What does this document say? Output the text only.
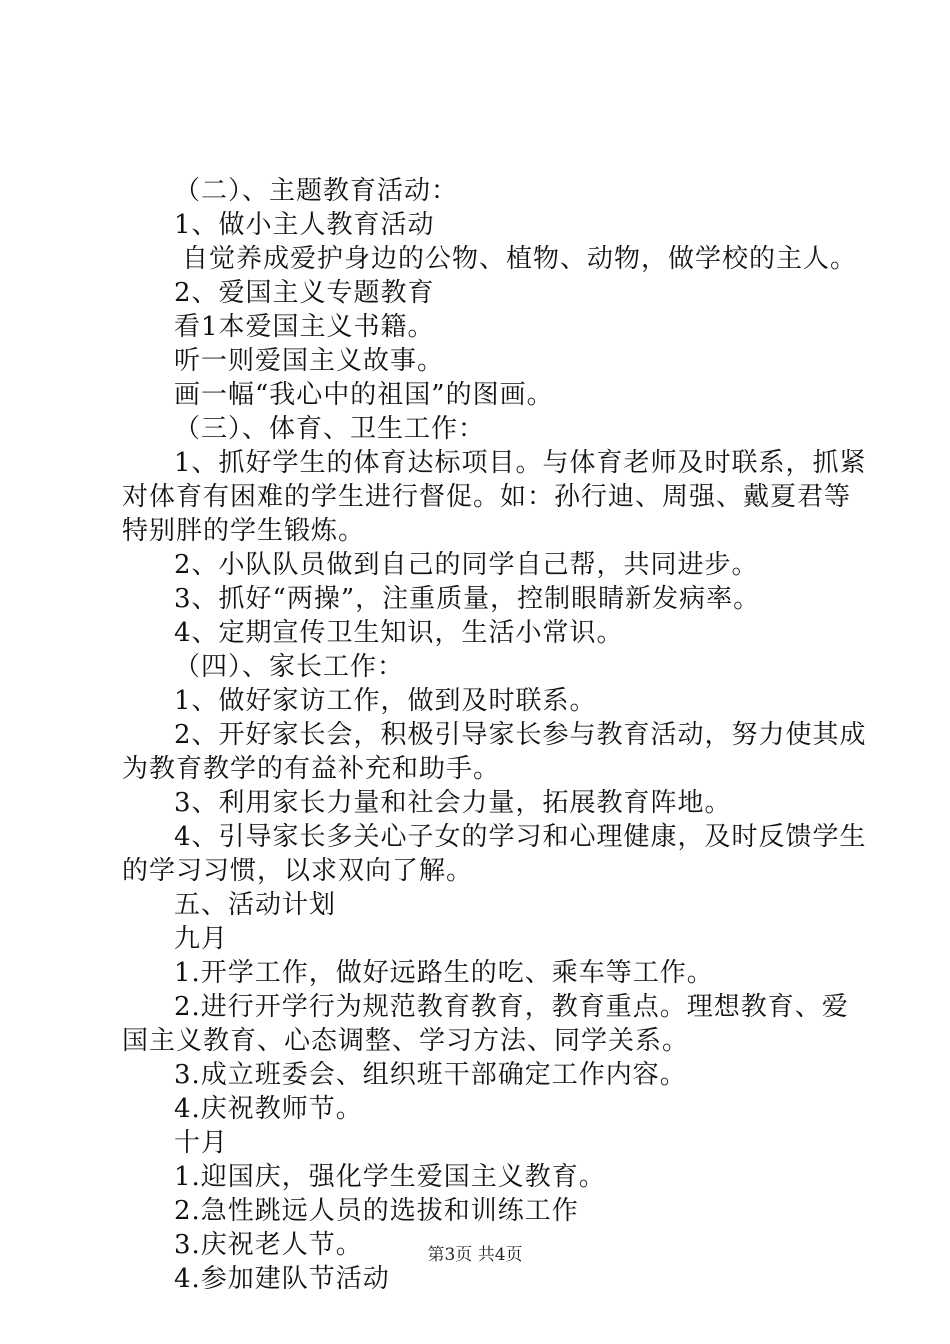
（二）、主题教育活动：
1、做小主人教育活动
自觉养成爱护身边的公物、植物、动物，做学校的主人。
2、爱国主义专题教育
看1本爱国主义书籍。
听一则爱国主义故事。
画一幅“我心中的祖国”的图画。
（三）、体育、卫生工作：
1、抓好学生的体育达标项目。与体育老师及时联系，抓紧
对体育有困难的学生进行督促。如：孙行迪、周强、戴夏君等
特别胖的学生锻炼。
2、小队队员做到自己的同学自己帮，共同进步。
3、抓好“两操”，注重质量，控制眼睛新发病率。
4、定期宣传卫生知识，生活小常识。
（四）、家长工作：
1、做好家访工作，做到及时联系。
2、开好家长会，积极引导家长参与教育活动，努力使其成
为教育教学的有益补充和助手。
3、利用家长力量和社会力量，拓展教育阵地。
4、引导家长多关心子女的学习和心理健康，及时反馈学生
的学习习惯，以求双向了解。
五、活动计划
九月
1.开学工作，做好远路生的吃、乘车等工作。
2.进行开学行为规范教育教育，教育重点。理想教育、爱
国主义教育、心态调整、学习方法、同学关系。
3.成立班委会、组织班干部确定工作内容。
4.庆祝教师节。
十月
1.迎国庆，强化学生爱国主义教育。
2.急性跳远人员的选拔和训练工作
3.庆祝老人节。
4.参加建队节活动
第3页 共4页
